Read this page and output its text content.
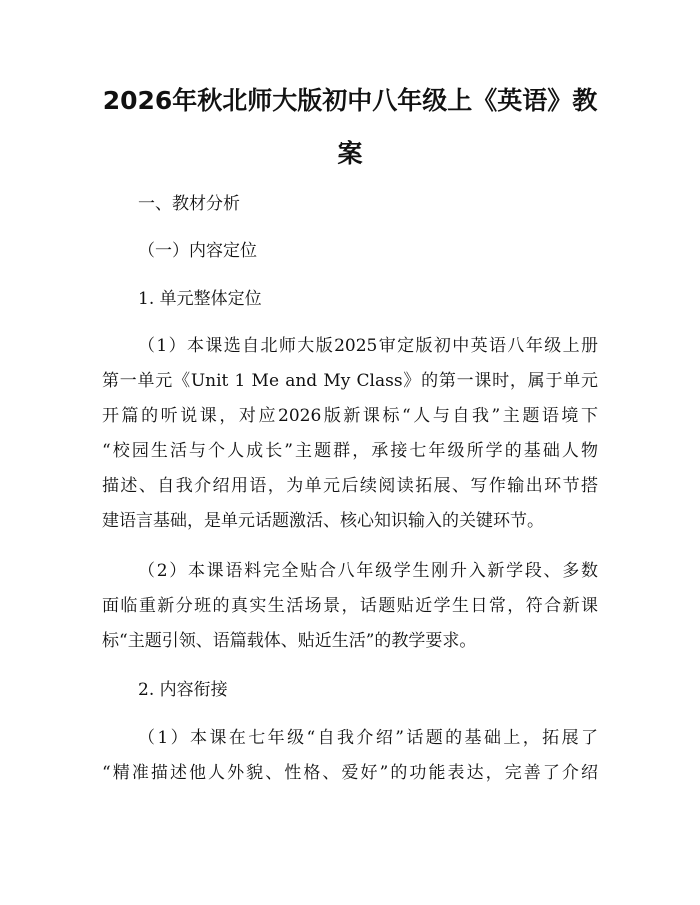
2026年秋北师大版初中八年级上《英语》教
案

一、教材分析

（一）内容定位

1. 单元整体定位

（1）本课选自北师大版2025审定版初中英语八年级上册

第一单元《Unit 1 Me and My Class》的第一课时，属于单元

开篇的听说课，对应2026版新课标“人与自我”主题语境下

“校园生活与个人成长”主题群，承接七年级所学的基础人物

描述、自我介绍用语，为单元后续阅读拓展、写作输出环节搭

建语言基础，是单元话题激活、核心知识输入的关键环节。

（2）本课语料完全贴合八年级学生刚升入新学段、多数

面临重新分班的真实生活场景，话题贴近学生日常，符合新课

标“主题引领、语篇载体、贴近生活”的教学要求。

2. 内容衔接

（1）本课在七年级“自我介绍”话题的基础上，拓展了

“精准描述他人外貌、性格、爱好”的功能表达，完善了介绍
